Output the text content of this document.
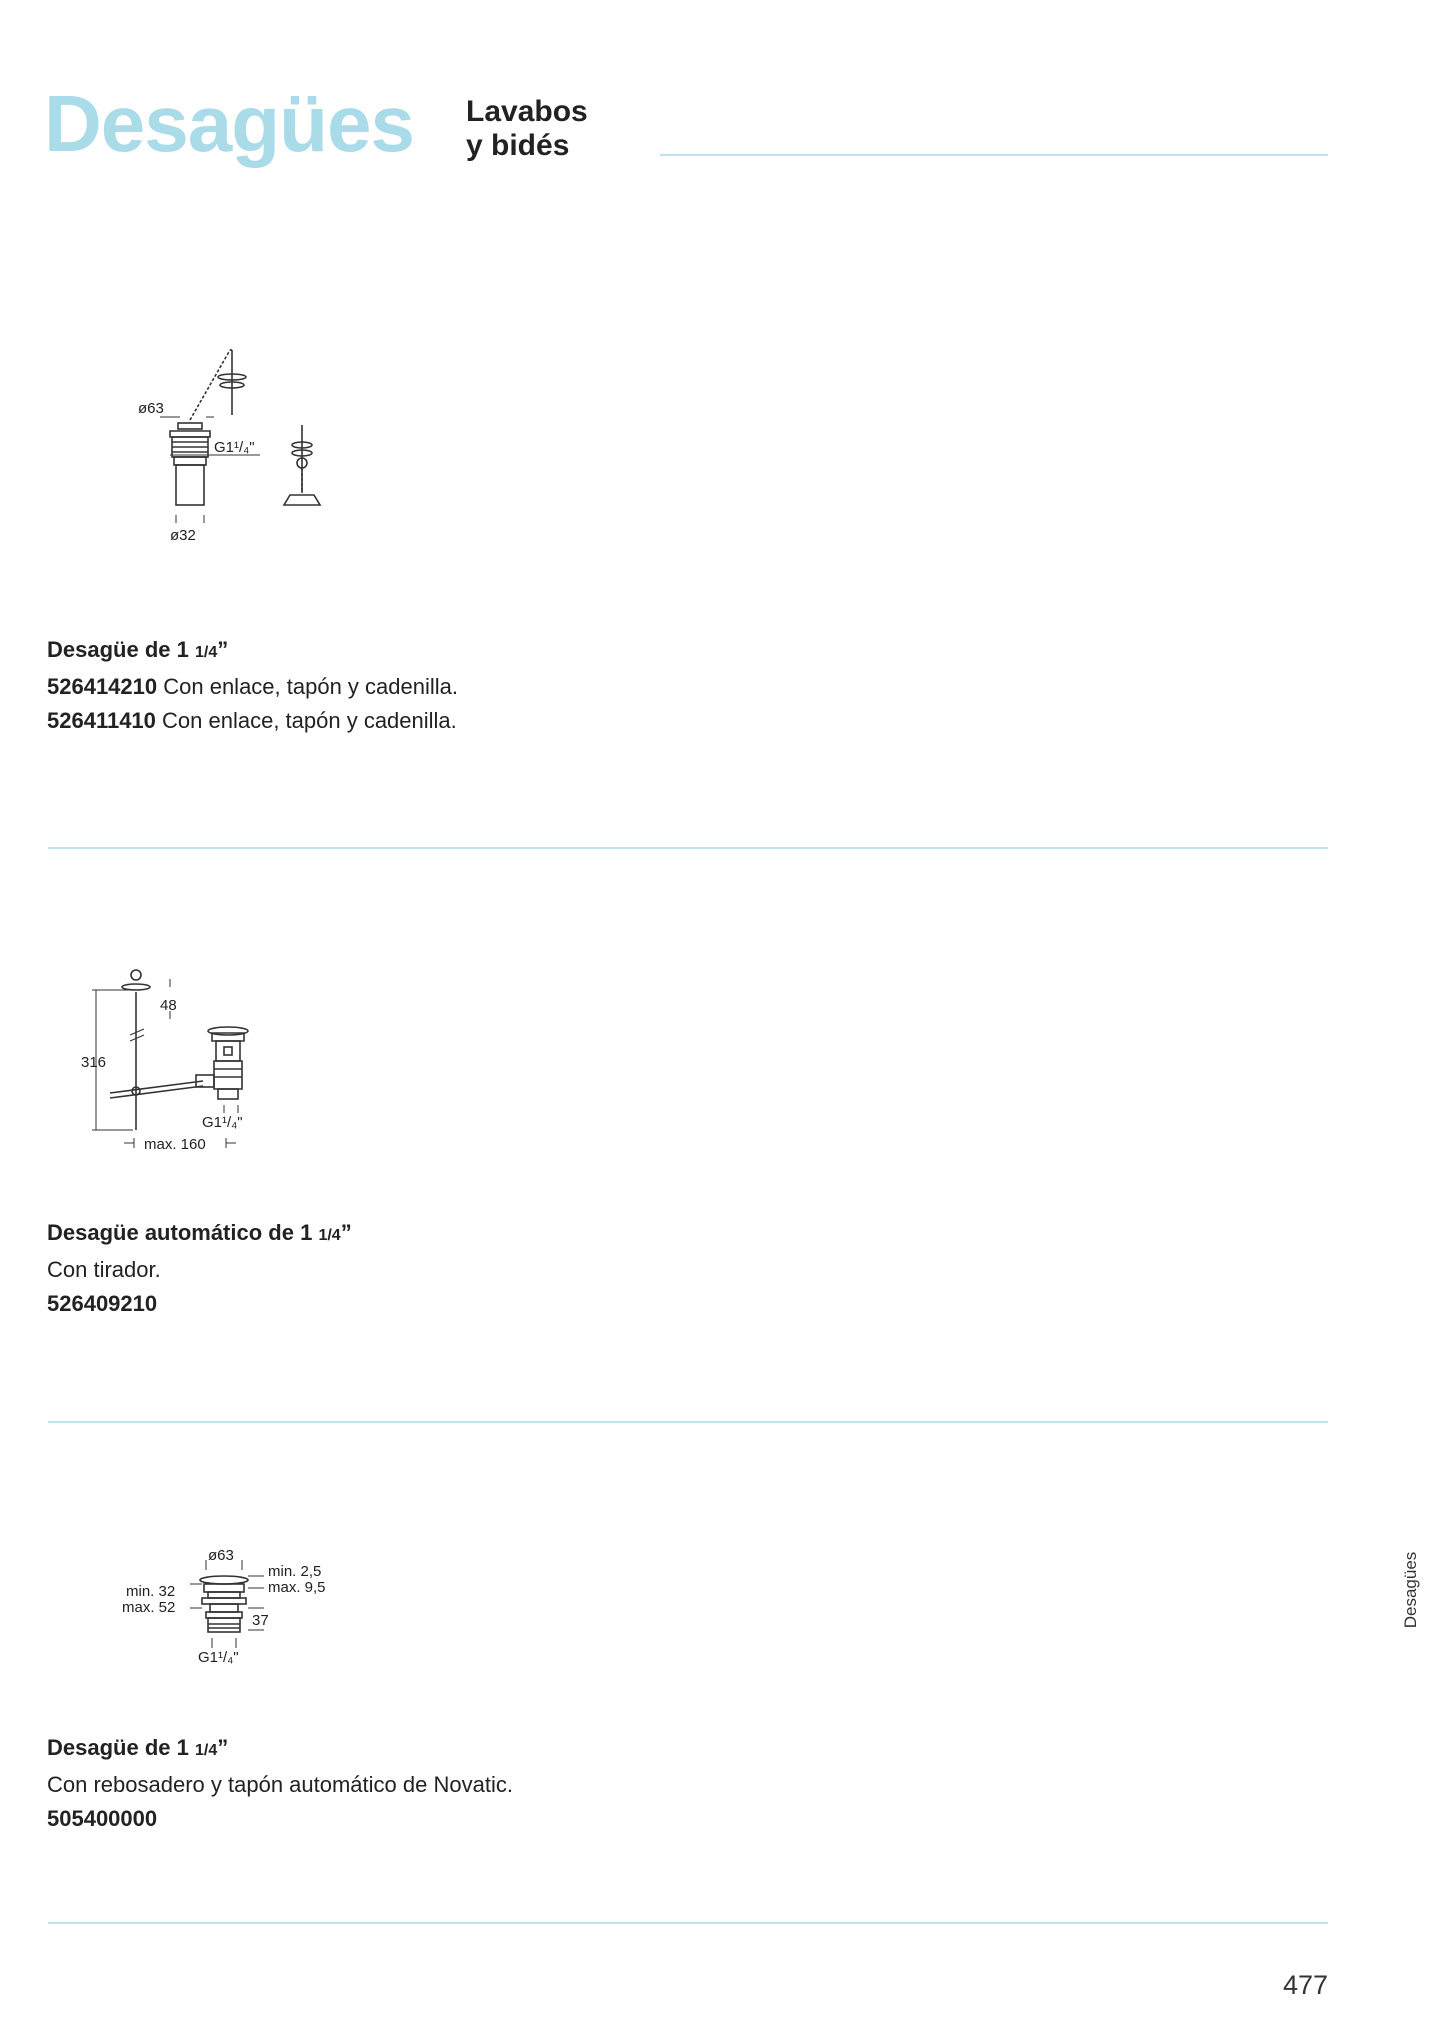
Desagües Lavabos
y bidés
ø63
G1¹/₄"
ø32
Desagüe de 1 1/4”
526414210 Con enlace, tapón y cadenilla.
526411410 Con enlace, tapón y cadenilla.
48
316
G1¹/₄"
max. 160
Desagüe automático de 1 1/4”
Con tirador.
526409210
ø63
min. 2,5
max. 9,5
min. 32
max. 52
37
G1¹/₄"
Desagüe de 1 1/4”
Con rebosadero y tapón automático de Novatic.
505400000
Desagües
477
